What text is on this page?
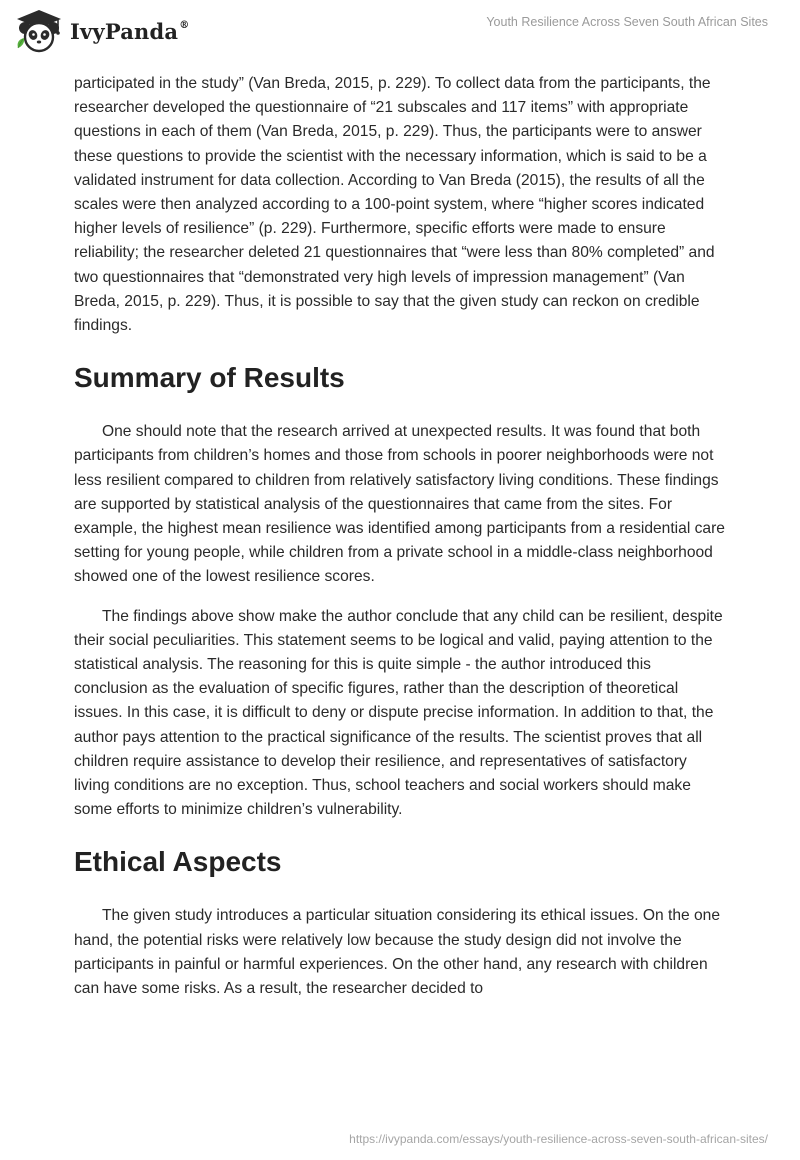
IvyPanda®	Youth Resilience Across Seven South African Sites

participated in the study” (Van Breda, 2015, p. 229). To collect data from the participants, the researcher developed the questionnaire of “21 subscales and 117 items” with appropriate questions in each of them (Van Breda, 2015, p. 229). Thus, the participants were to answer these questions to provide the scientist with the necessary information, which is said to be a validated instrument for data collection. According to Van Breda (2015), the results of all the scales were then analyzed according to a 100-point system, where “higher scores indicated higher levels of resilience” (p. 229). Furthermore, specific efforts were made to ensure reliability; the researcher deleted 21 questionnaires that “were less than 80% completed” and two questionnaires that “demonstrated very high levels of impression management” (Van Breda, 2015, p. 229). Thus, it is possible to say that the given study can reckon on credible findings.

Summary of Results

One should note that the research arrived at unexpected results. It was found that both participants from children’s homes and those from schools in poorer neighborhoods were not less resilient compared to children from relatively satisfactory living conditions. These findings are supported by statistical analysis of the questionnaires that came from the sites. For example, the highest mean resilience was identified among participants from a residential care setting for young people, while children from a private school in a middle-class neighborhood showed one of the lowest resilience scores.

The findings above show make the author conclude that any child can be resilient, despite their social peculiarities. This statement seems to be logical and valid, paying attention to the statistical analysis. The reasoning for this is quite simple - the author introduced this conclusion as the evaluation of specific figures, rather than the description of theoretical issues. In this case, it is difficult to deny or dispute precise information. In addition to that, the author pays attention to the practical significance of the results. The scientist proves that all children require assistance to develop their resilience, and representatives of satisfactory living conditions are no exception. Thus, school teachers and social workers should make some efforts to minimize children’s vulnerability.

Ethical Aspects

The given study introduces a particular situation considering its ethical issues. On the one hand, the potential risks were relatively low because the study design did not involve the participants in painful or harmful experiences. On the other hand, any research with children can have some risks. As a result, the researcher decided to

https://ivypanda.com/essays/youth-resilience-across-seven-south-african-sites/
